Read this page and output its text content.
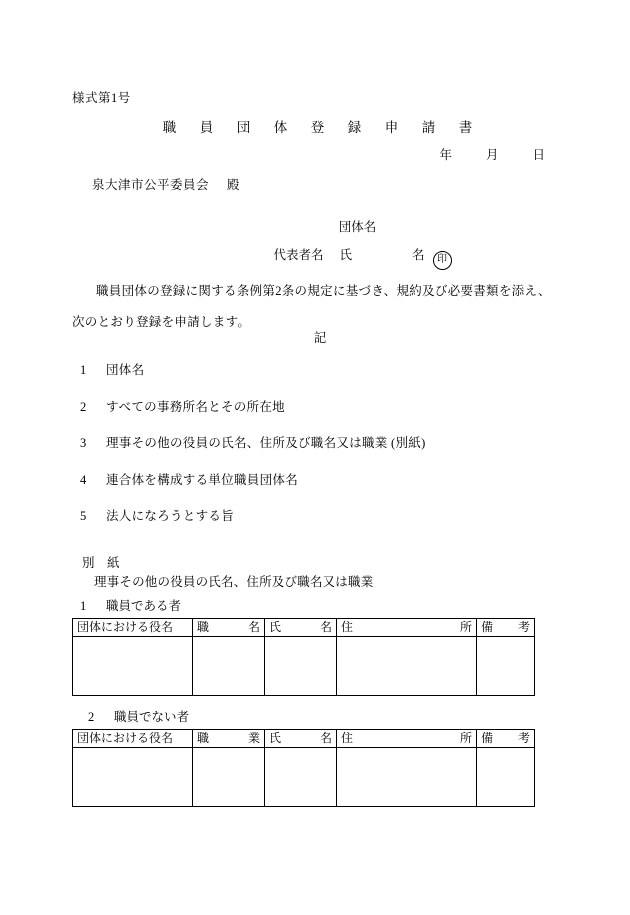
様式第1号
職　員　団　体　登　録　申　請　書
年	月	日
泉大津市公平委員会 殿
団体名
代表者名 氏	名 印
職員団体の登録に関する条例第2条の規定に基づき、規約及び必要書類を添え、次のとおり登録を申請します。
記
1 団体名
2 すべての事務所名とその所在地
3 理事その他の役員の氏名、住所及び職名又は職業 (別紙)
4 連合体を構成する単位職員団体名
5 法人になろうとする旨
別　紙
理事その他の役員の氏名、住所及び職名又は職業
1 職員である者
団体における役名	職 名	氏 名	住 所	備 考

2 職員でない者
団体における役名	職 業	氏 名	住 所	備 考
